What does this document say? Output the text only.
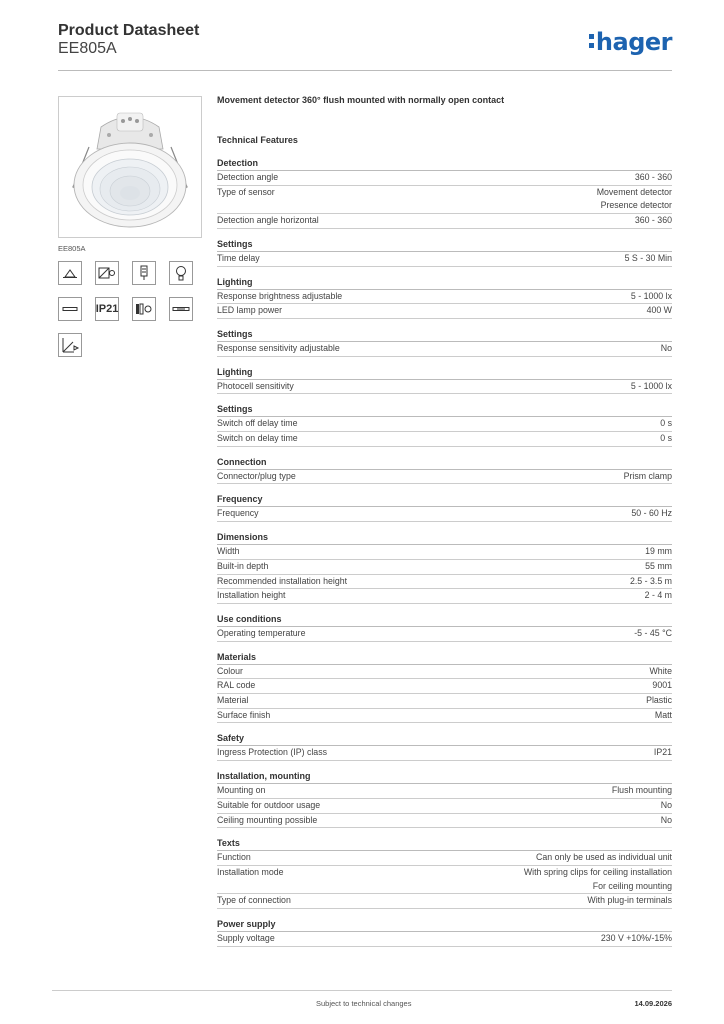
Product Datasheet
EE805A	hager
EE805A
IP21
Movement detector 360° flush mounted with normally open contact
Technical Features
Detection
Detection angle	360 - 360
Type of sensor	Movement detector
Presence detector
Detection angle horizontal	360 - 360
Settings
Time delay	5 S - 30 Min
Lighting
Response brightness adjustable	5 - 1000 lx
LED lamp power	400 W
Settings
Response sensitivity adjustable	No
Lighting
Photocell sensitivity	5 - 1000 lx
Settings
Switch off delay time	0 s
Switch on delay time	0 s
Connection
Connector/plug type	Prism clamp
Frequency
Frequency	50 - 60 Hz
Dimensions
Width	19 mm
Built-in depth	55 mm
Recommended installation height	2.5 - 3.5 m
Installation height	2 - 4 m
Use conditions
Operating temperature	-5 - 45 °C
Materials
Colour	White
RAL code	9001
Material	Plastic
Surface finish	Matt
Safety
Ingress Protection (IP) class	IP21
Installation, mounting
Mounting on	Flush mounting
Suitable for outdoor usage	No
Ceiling mounting possible	No
Texts
Function	Can only be used as individual unit
Installation mode	With spring clips for ceiling installation
For ceiling mounting
Type of connection	With plug-in terminals
Power supply
Supply voltage	230 V +10%/-15%
Subject to technical changes	14.09.2026
